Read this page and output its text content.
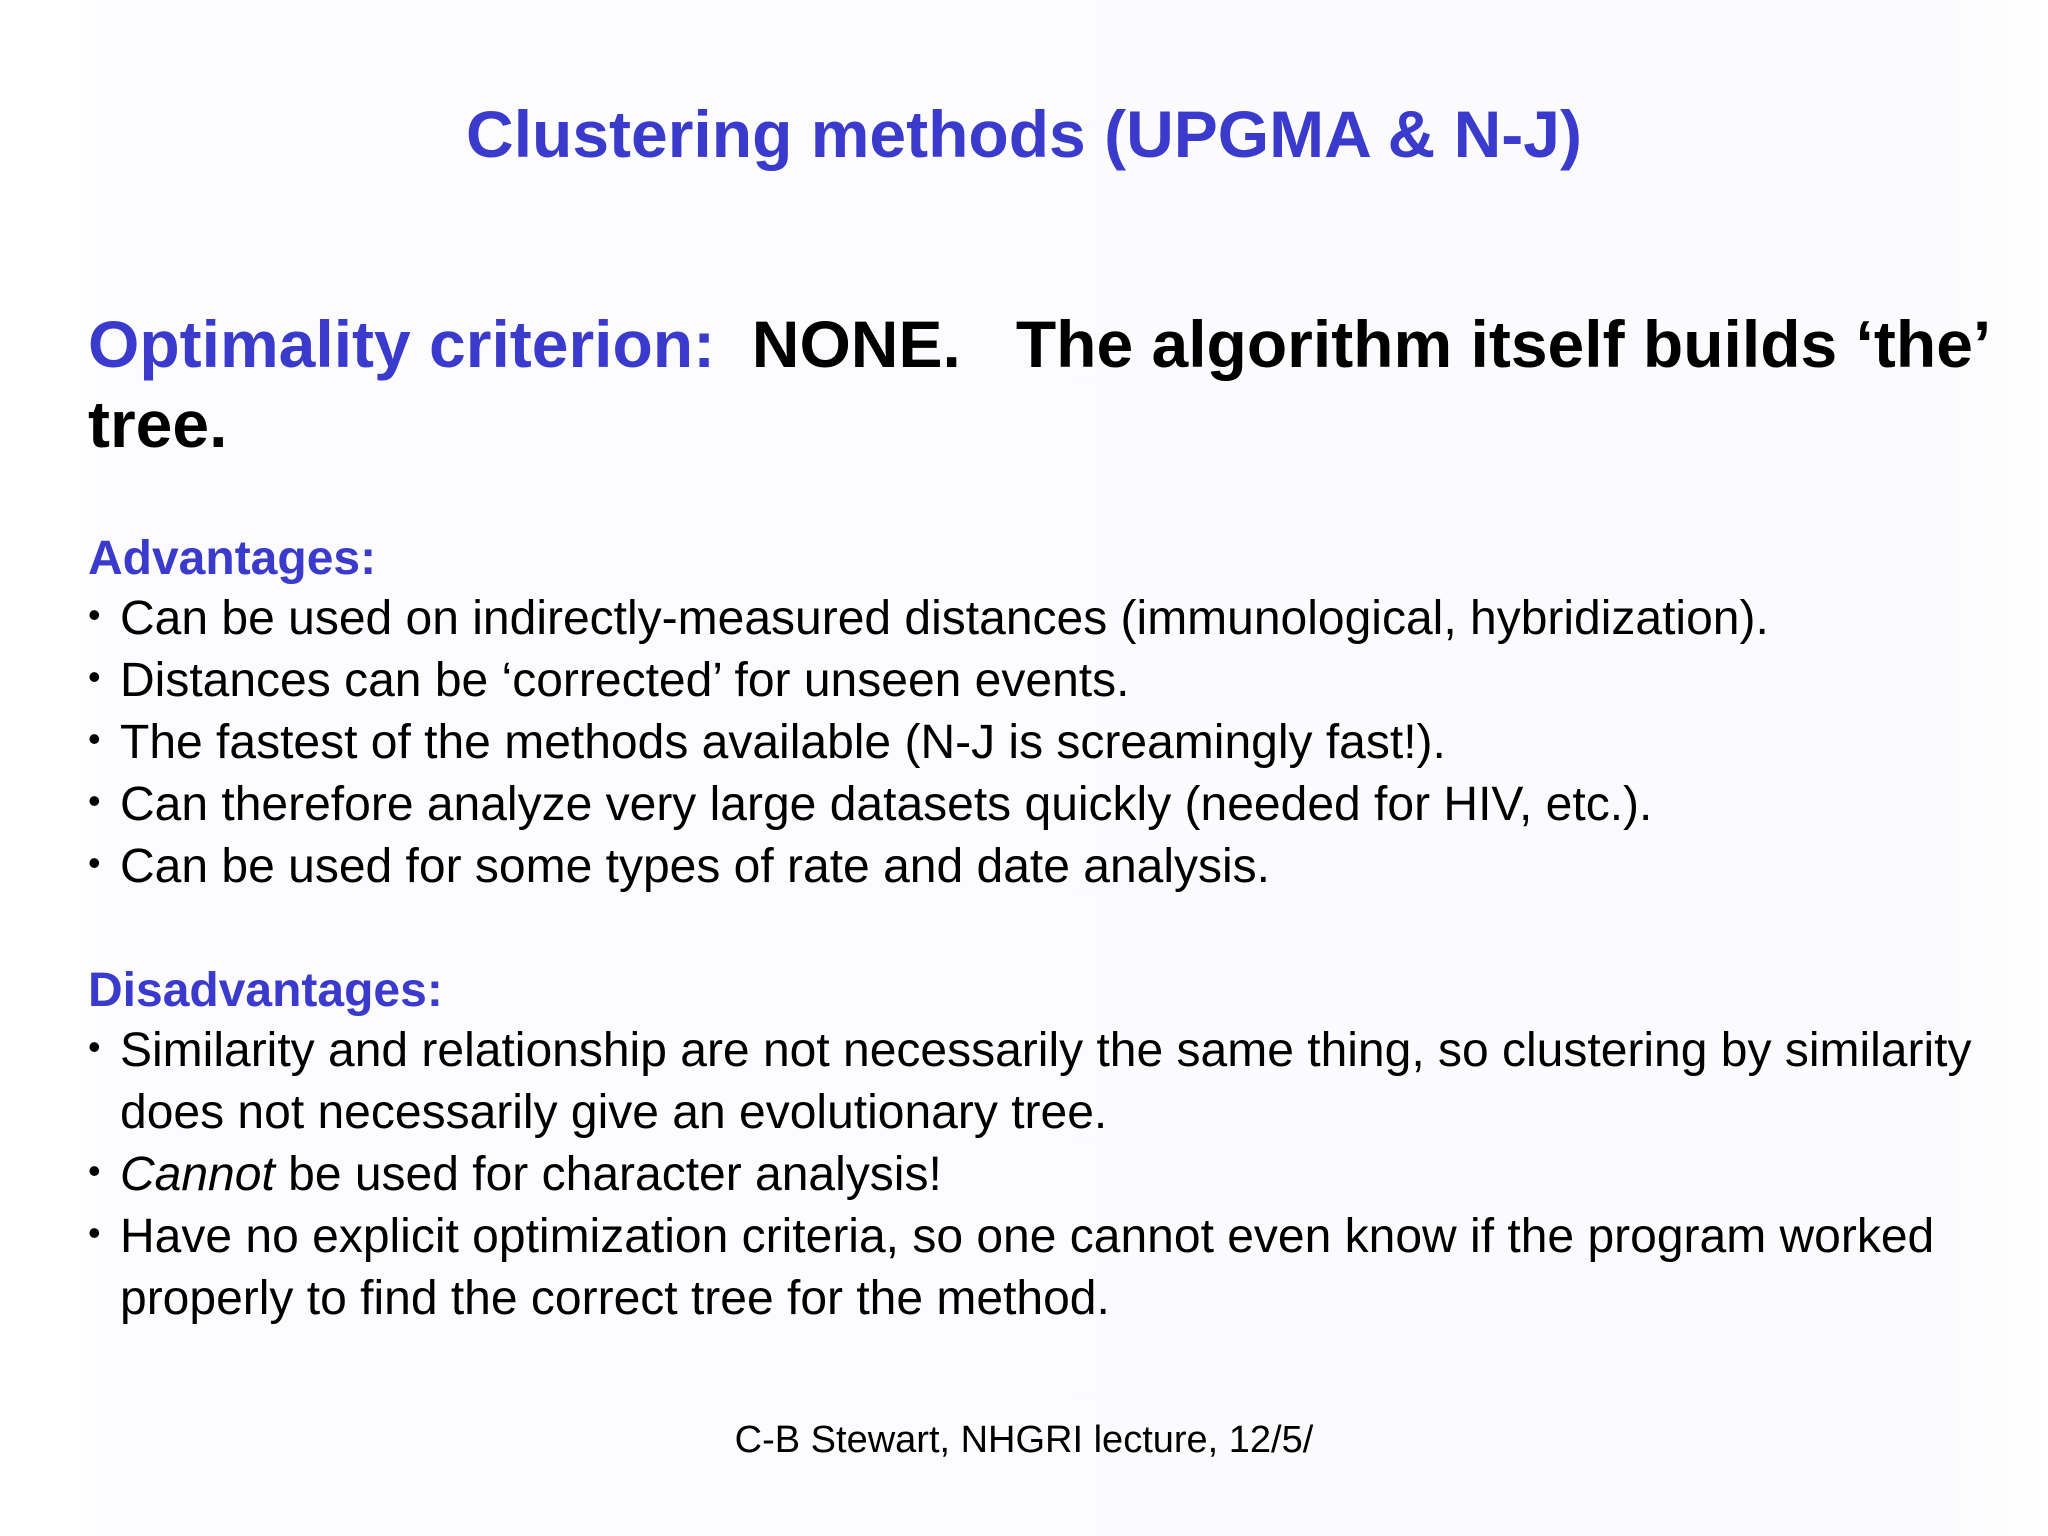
Clustering methods (UPGMA & N-J)
Optimality criterion: NONE.   The algorithm itself builds ‘the’ tree.
Advantages:
• Can be used on indirectly-measured distances (immunological, hybridization).
• Distances can be ‘corrected’ for unseen events.
• The fastest of the methods available (N-J is screamingly fast!).
• Can therefore analyze very large datasets quickly (needed for HIV, etc.).
• Can be used for some types of rate and date analysis.
Disadvantages:
• Similarity and relationship are not necessarily the same thing, so clustering by similarity does not necessarily give an evolutionary tree.
• Cannot be used for character analysis!
• Have no explicit optimization criteria, so one cannot even know if the program worked properly to find the correct tree for the method.
C-B Stewart, NHGRI lecture, 12/5/
